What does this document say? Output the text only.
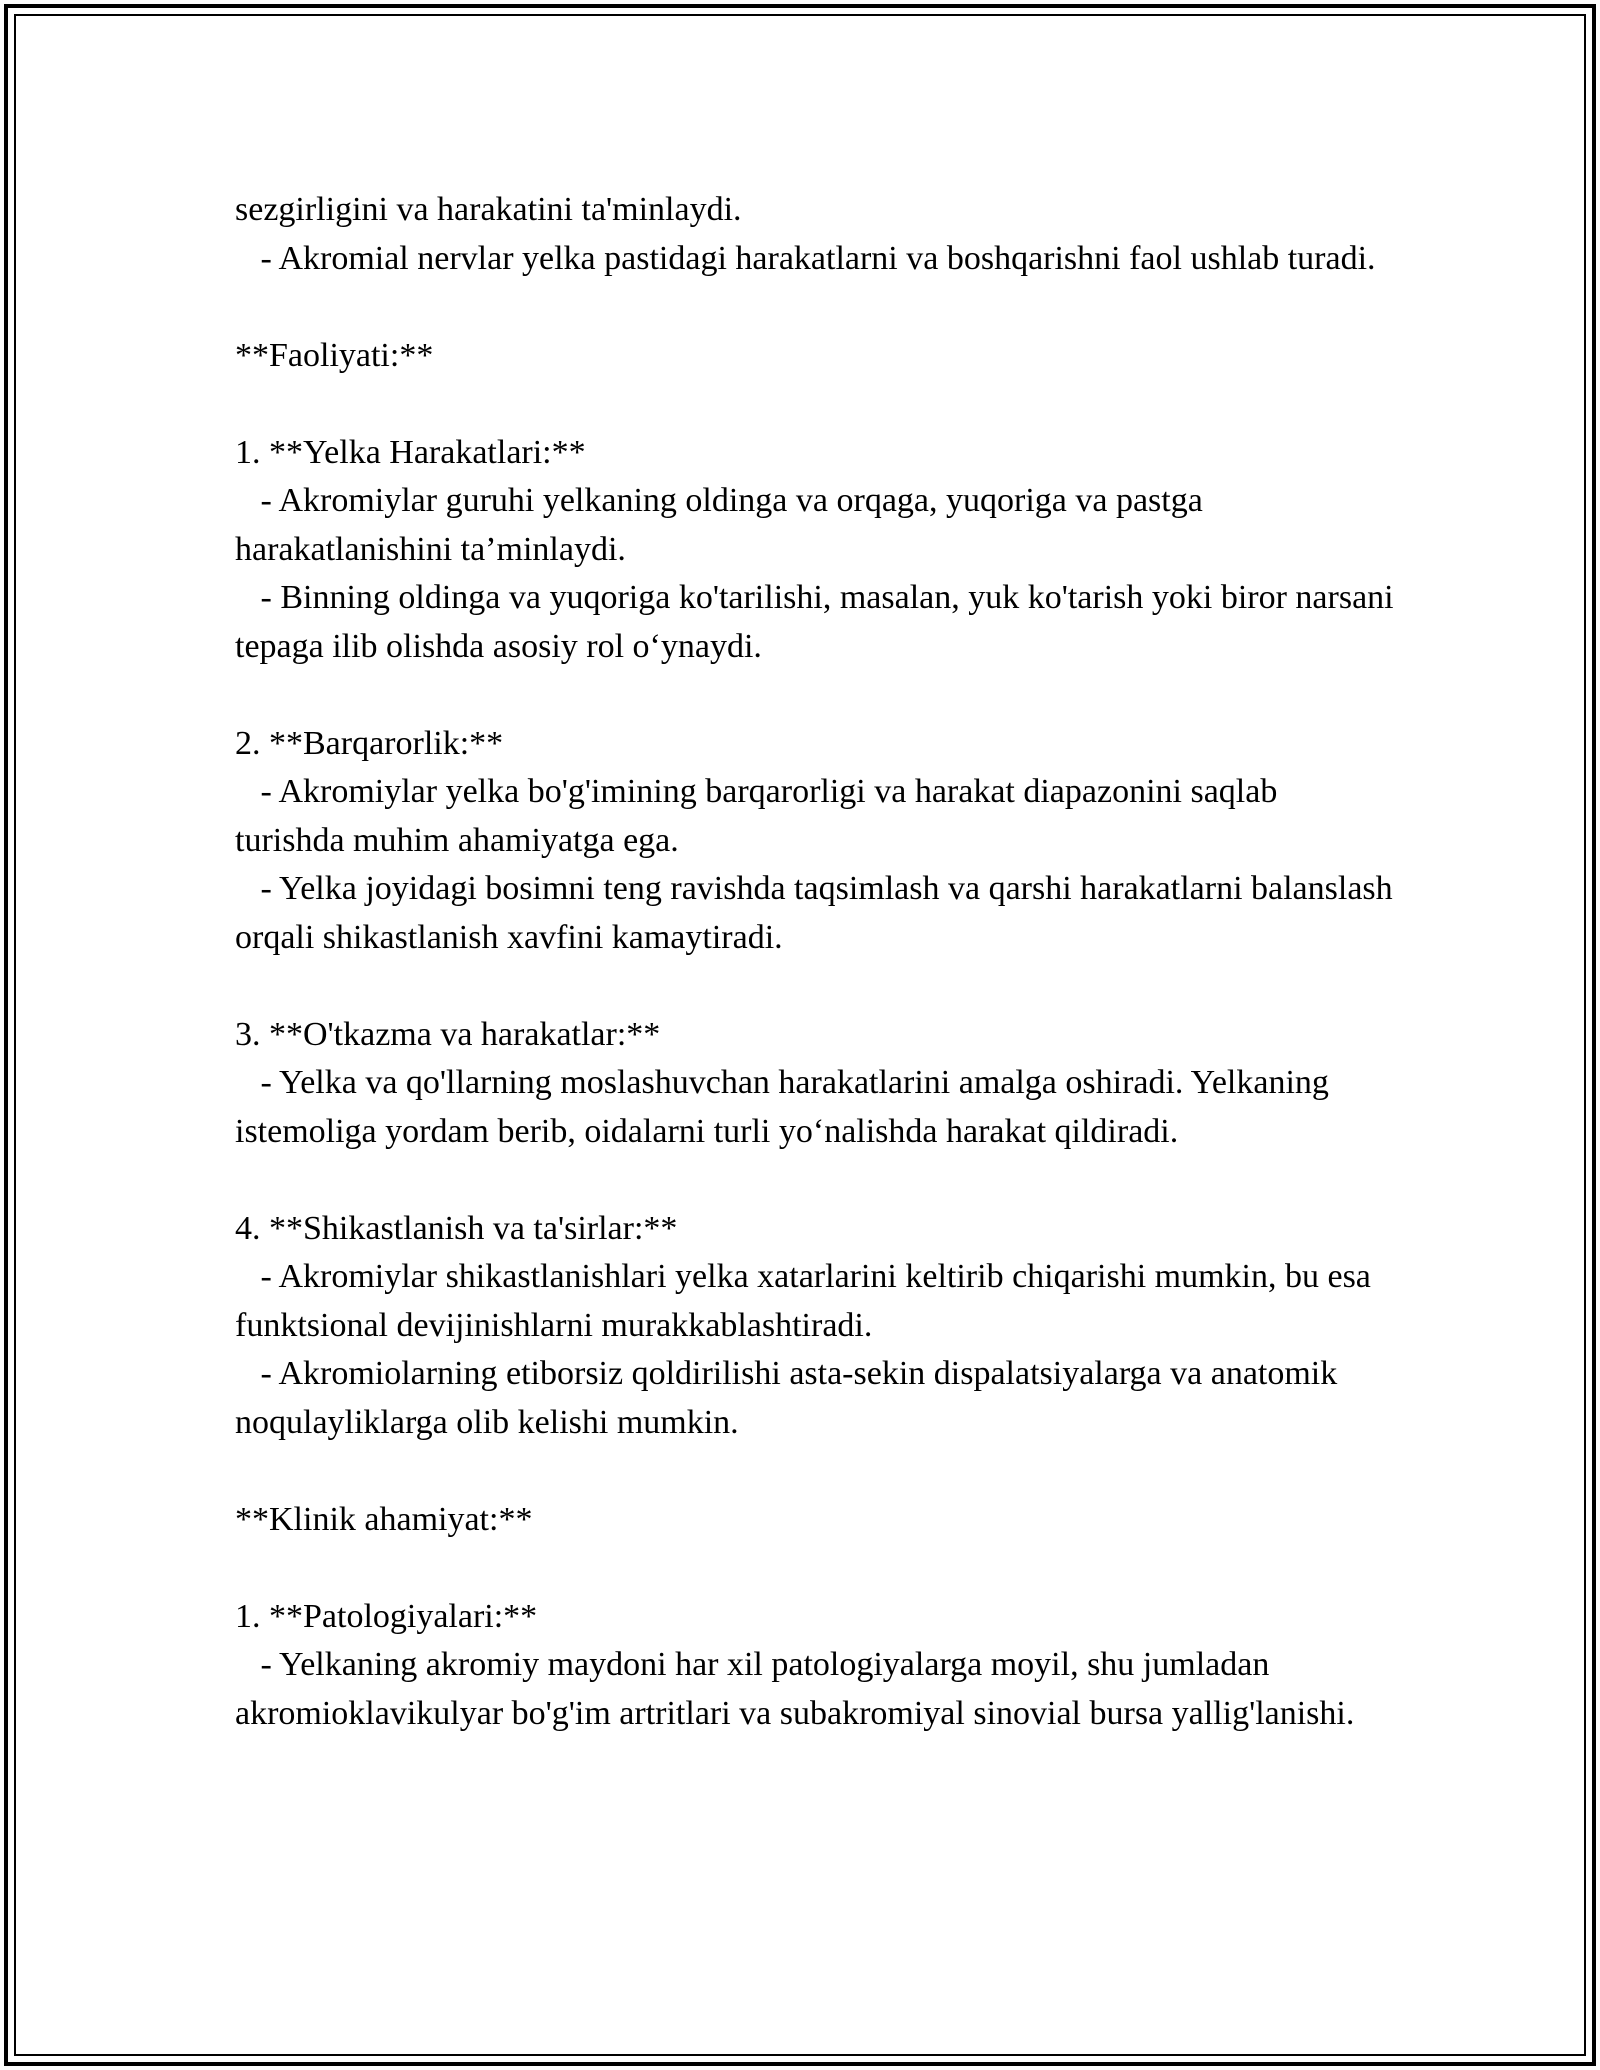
sezgirligini va harakatini ta'minlaydi.

- Akromial nervlar yelka pastidagi harakatlarni va boshqarishni faol ushlab turadi.

**Faoliyati:**

1. **Yelka Harakatlari:**

- Akromiylar guruhi yelkaning oldinga va orqaga, yuqoriga va pastga harakatlanishini ta’minlaydi.

- Binning oldinga va yuqoriga ko'tarilishi, masalan, yuk ko'tarish yoki biror narsani tepaga ilib olishda asosiy rol o‘ynaydi.

2. **Barqarorlik:**

- Akromiylar yelka bo'g'imining barqarorligi va harakat diapazonini saqlab turishda muhim ahamiyatga ega.

- Yelka joyidagi bosimni teng ravishda taqsimlash va qarshi harakatlarni balanslash orqali shikastlanish xavfini kamaytiradi.

3. **O'tkazma va harakatlar:**

- Yelka va qo'llarning moslashuvchan harakatlarini amalga oshiradi. Yelkaning istemoliga yordam berib, oidalarni turli yo‘nalishda harakat qildiradi.

4. **Shikastlanish va ta'sirlar:**

- Akromiylar shikastlanishlari yelka xatarlarini keltirib chiqarishi mumkin, bu esa funktsional devijinishlarni murakkablashtiradi.

- Akromiolarning etiborsiz qoldirilishi asta-sekin dispalatsiyalarga va anatomik noqulayliklarga olib kelishi mumkin.

**Klinik ahamiyat:**

1. **Patologiyalari:**

- Yelkaning akromiy maydoni har xil patologiyalarga moyil, shu jumladan akromioklavikulyar bo'g'im artritlari va subakromiyal sinovial bursa yallig'lanishi.
